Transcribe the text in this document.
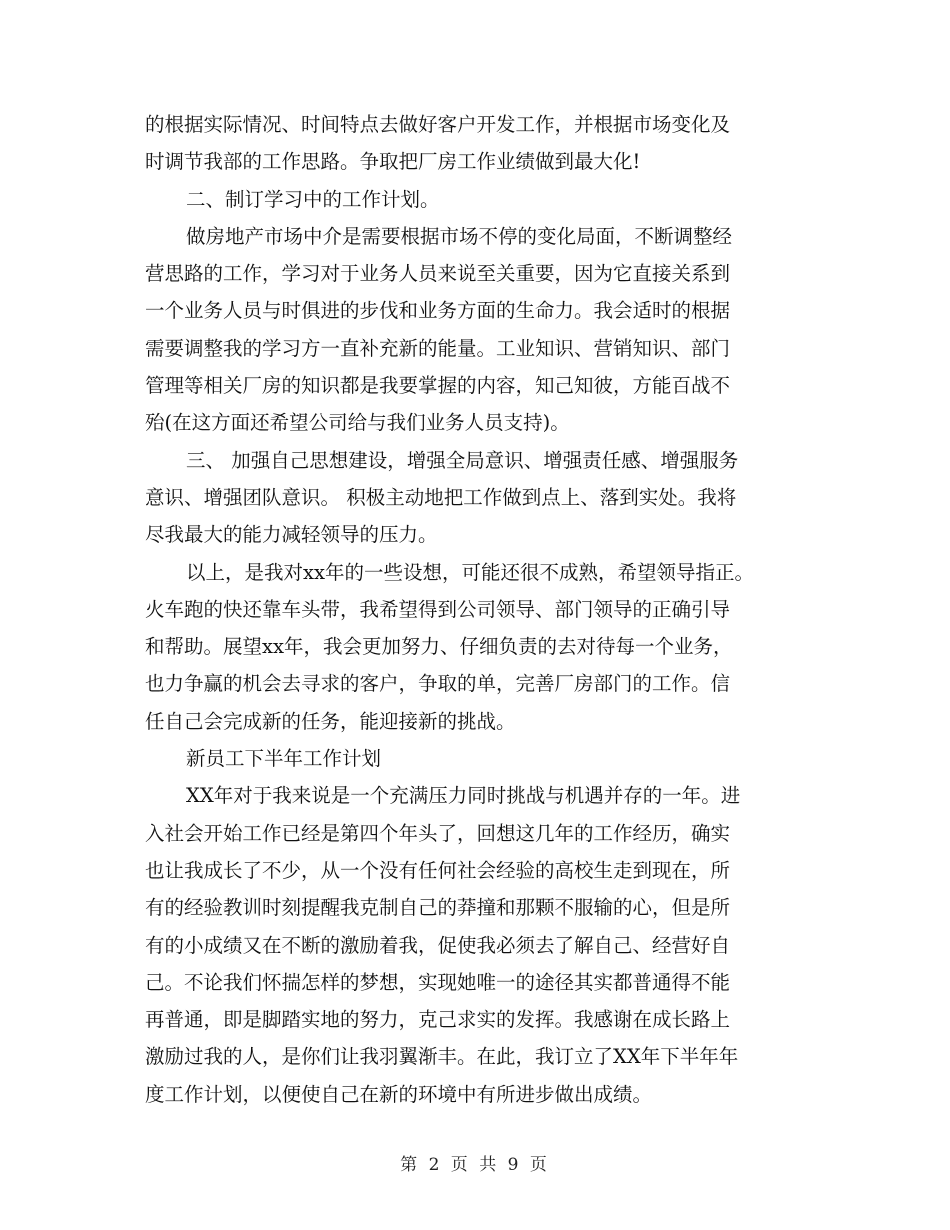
的根据实际情况、时间特点去做好客户开发工作，并根据市场变化及
时调节我部的工作思路。争取把厂房工作业绩做到最大化!
二、制订学习中的工作计划。
做房地产市场中介是需要根据市场不停的变化局面，不断调整经
营思路的工作，学习对于业务人员来说至关重要，因为它直接关系到
一个业务人员与时俱进的步伐和业务方面的生命力。我会适时的根据
需要调整我的学习方一直补充新的能量。工业知识、营销知识、部门
管理等相关厂房的知识都是我要掌握的内容，知己知彼，方能百战不
殆(在这方面还希望公司给与我们业务人员支持)。
三、 加强自己思想建设，增强全局意识、增强责任感、增强服务
意识、增强团队意识。 积极主动地把工作做到点上、落到实处。我将
尽我最大的能力减轻领导的压力。
以上，是我对xx年的一些设想，可能还很不成熟，希望领导指正。
火车跑的快还靠车头带，我希望得到公司领导、部门领导的正确引导
和帮助。展望xx年，我会更加努力、仔细负责的去对待每一个业务，
也力争赢的机会去寻求的客户，争取的单，完善厂房部门的工作。信
任自己会完成新的任务，能迎接新的挑战。
新员工下半年工作计划
XX年对于我来说是一个充满压力同时挑战与机遇并存的一年。进
入社会开始工作已经是第四个年头了，回想这几年的工作经历，确实
也让我成长了不少，从一个没有任何社会经验的高校生走到现在，所
有的经验教训时刻提醒我克制自己的莽撞和那颗不服输的心，但是所
有的小成绩又在不断的激励着我，促使我必须去了解自己、经营好自
己。不论我们怀揣怎样的梦想，实现她唯一的途径其实都普通得不能
再普通，即是脚踏实地的努力，克己求实的发挥。我感谢在成长路上
激励过我的人，是你们让我羽翼渐丰。在此，我订立了XX年下半年年
度工作计划，以便使自己在新的环境中有所进步做出成绩。
第 2 页 共 9 页
